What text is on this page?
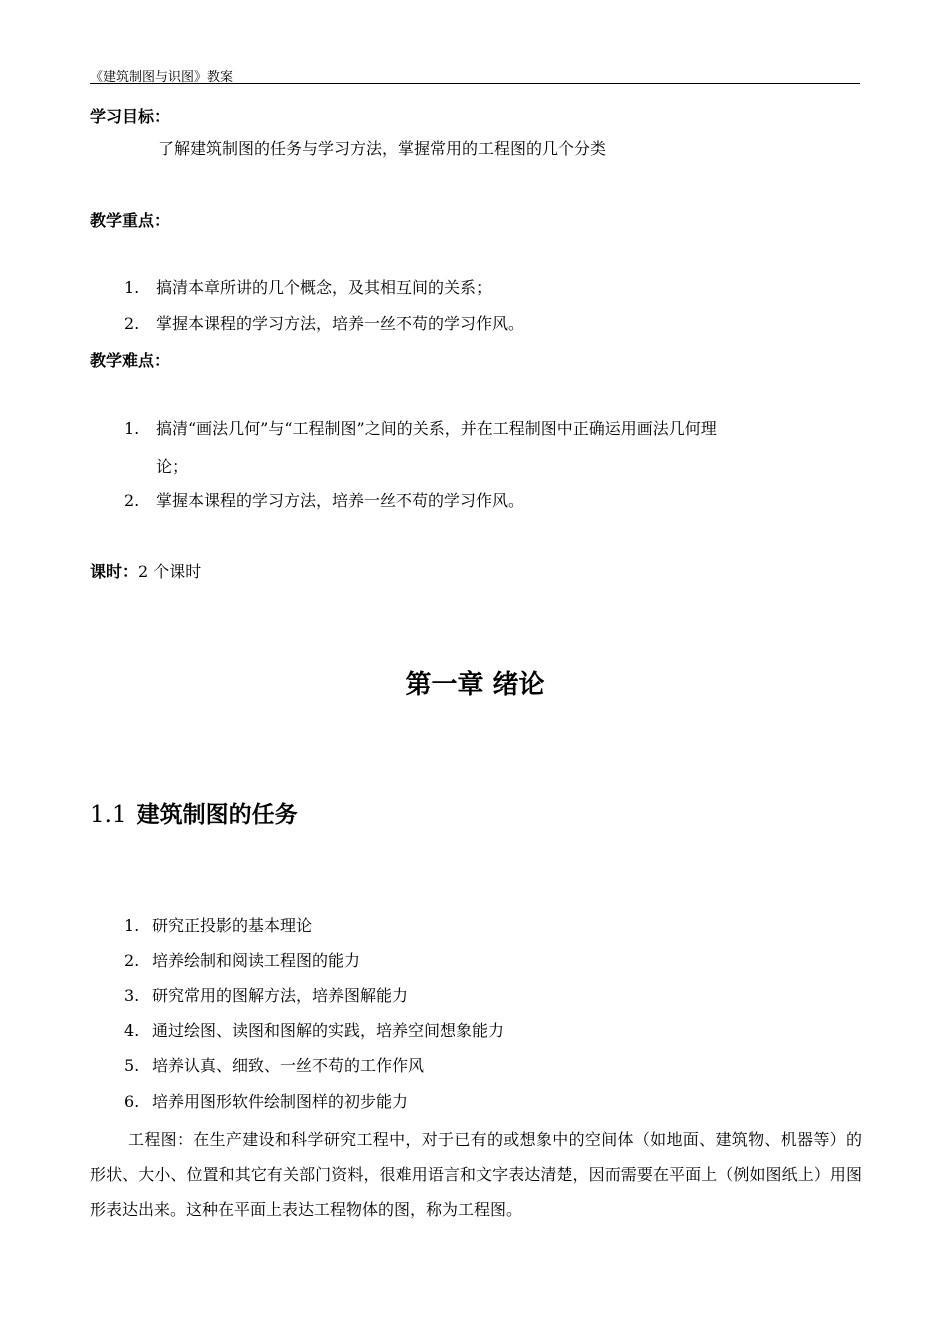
《建筑制图与识图》教案
学习目标：
了解建筑制图的任务与学习方法，掌握常用的工程图的几个分类
教学重点：
1. 搞清本章所讲的几个概念，及其相互间的关系；
2. 掌握本课程的学习方法，培养一丝不苟的学习作风。
教学难点：
1. 搞清“画法几何”与“工程制图”之间的关系，并在工程制图中正确运用画法几何理
论；
2. 掌握本课程的学习方法，培养一丝不苟的学习作风。
课时：2 个课时
第一章 绪论
1.1 建筑制图的任务
1. 研究正投影的基本理论
2. 培养绘制和阅读工程图的能力
3. 研究常用的图解方法，培养图解能力
4. 通过绘图、读图和图解的实践，培养空间想象能力
5. 培养认真、细致、一丝不苟的工作作风
6. 培养用图形软件绘制图样的初步能力
工程图：在生产建设和科学研究工程中，对于已有的或想象中的空间体（如地面、建筑物、机器等）的形状、大小、位置和其它有关部门资料，很难用语言和文字表达清楚，因而需要在平面上（例如图纸上）用图形表达出来。这种在平面上表达工程物体的图，称为工程图。
